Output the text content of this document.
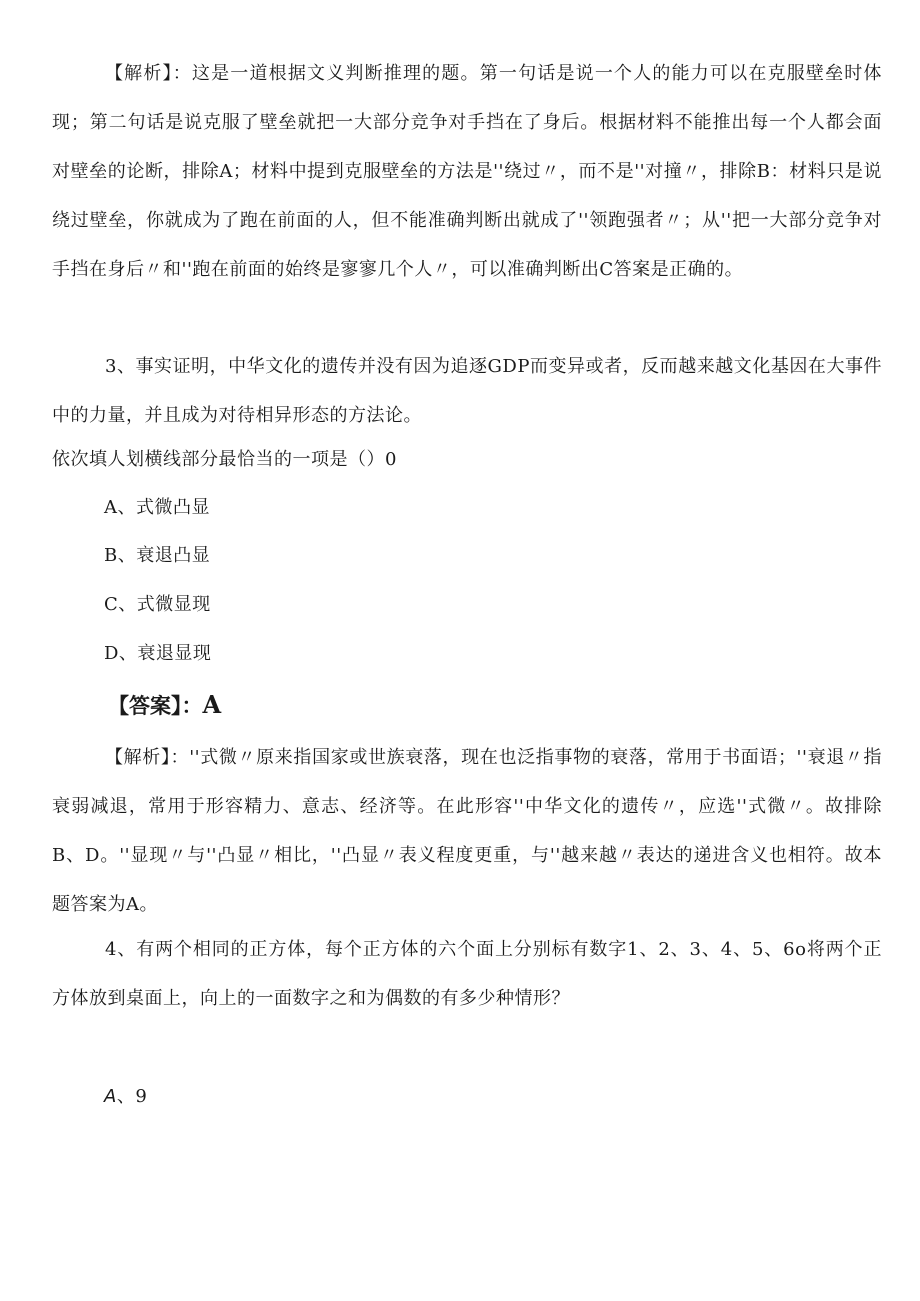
【解析】：这是一道根据文义判断推理的题。第一句话是说一个人的能力可以在克服壁垒时体现；第二句话是说克服了壁垒就把一大部分竞争对手挡在了身后。根据材料不能推出每一个人都会面对壁垒的论断，排除A；材料中提到克服壁垒的方法是''绕过〃，而不是''对撞〃，排除B：材料只是说绕过壁垒，你就成为了跑在前面的人，但不能准确判断出就成了''领跑强者〃；从''把一大部分竞争对手挡在身后〃和''跑在前面的始终是寥寥几个人〃，可以准确判断出C答案是正确的。

3、事实证明，中华文化的遗传并没有因为追逐GDP而变异或者，反而越来越文化基因在大事件中的力量，并且成为对待相异形态的方法论。

依次填人划横线部分最恰当的一项是（）0

A、式微凸显

B、衰退凸显

C、式微显现

D、衰退显现

【答案】：A

【解析】：''式微〃原来指国家或世族衰落，现在也泛指事物的衰落，常用于书面语；''衰退〃指衰弱减退，常用于形容精力、意志、经济等。在此形容''中华文化的遗传〃，应选''式微〃。故排除B、D。''显现〃与''凸显〃相比，''凸显〃表义程度更重，与''越来越〃表达的递进含义也相符。故本题答案为A。

4、有两个相同的正方体，每个正方体的六个面上分别标有数字1、2、3、4、5、6o将两个正方体放到桌面上，向上的一面数字之和为偶数的有多少种情形？

A、9
